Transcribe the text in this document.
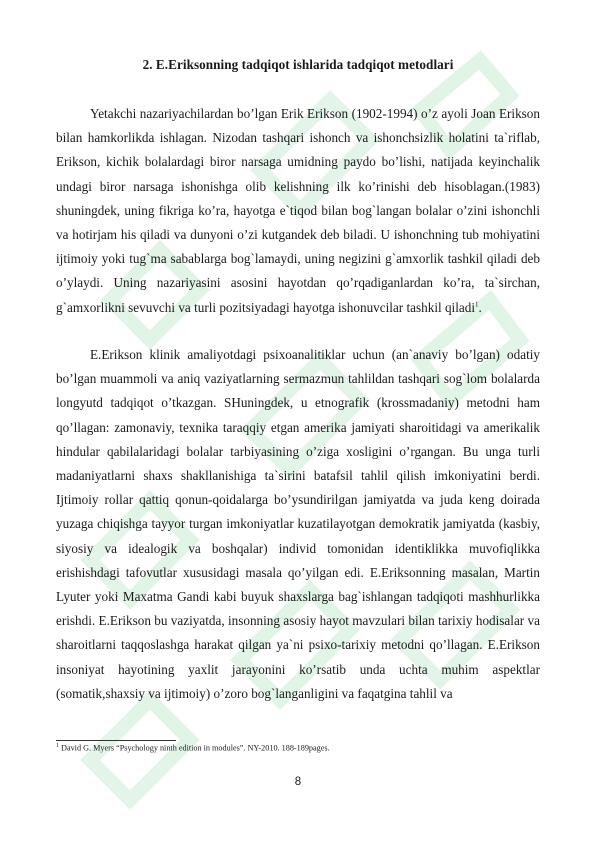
2. E.Eriksonning tadqiqot ishlarida tadqiqot metodlari

Yetakchi nazariyachilardan bo’lgan Erik Erikson (1902-1994) o’z ayoli Joan Erikson bilan hamkorlikda ishlagan. Nizodan tashqari ishonch va ishonchsizlik holatini ta`riflab, Erikson, kichik bolalardagi biror narsaga umidning paydo bo’lishi, natijada keyinchalik undagi biror narsaga ishonishga olib kelishning ilk ko’rinishi deb hisoblagan.(1983) shuningdek, uning fikriga ko’ra, hayotga e`tiqod bilan bog`langan bolalar o’zini ishonchli va hotirjam his qiladi va dunyoni o’zi kutgandek deb biladi. U ishonchning tub mohiyatini ijtimoiy yoki tug`ma sabablarga bog`lamaydi, uning negizini g`amxorlik tashkil qiladi deb o’ylaydi. Uning nazariyasini asosini hayotdan qo’rqadiganlardan ko’ra, ta`sirchan, g`amxorlikni sevuvchi va turli pozitsiyadagi hayotga ishonuvcilar tashkil qiladi$^1$.

E.Erikson klinik amaliyotdagi psixoanalitiklar uchun (an`anaviy bo’lgan) odatiy bo’lgan muammoli va aniq vaziyatlarning sermazmun tahlildan tashqari sog`lom bolalarda longyutd tadqiqot o’tkazgan. SHuningdek, u etnografik (krossmadaniy) metodni ham qo’llagan: zamonaviy, texnika taraqqiy etgan amerika jamiyati sharoitidagi va amerikalik hindular qabilalaridagi bolalar tarbiyasining o’ziga xosligini o’rgangan. Bu unga turli madaniyatlarni shaxs shakllanishiga ta`sirini batafsil tahlil qilish imkoniyatini berdi. Ijtimoiy rollar qattiq qonun-qoidalarga bo’ysundirilgan jamiyatda va juda keng doirada yuzaga chiqishga tayyor turgan imkoniyatlar kuzatilayotgan demokratik jamiyatda (kasbiy, siyosiy va idealogik va boshqalar) individ tomonidan identiklikka muvofiqlikka erishishdagi tafovutlar xususidagi masala qo’yilgan edi. E.Eriksonning masalan, Martin Lyuter yoki Maxatma Gandi kabi buyuk shaxslarga bag`ishlangan tadqiqoti mashhurlikka erishdi. E.Erikson bu vaziyatda, insonning asosiy hayot mavzulari bilan tarixiy hodisalar va sharoitlarni taqqoslashga harakat qilgan ya`ni psixo-tarixiy metodni qo’llagan. E.Erikson insoniyat hayotining yaxlit jarayonini ko’rsatib unda uchta muhim aspektlar (somatik,shaxsiy va ijtimoiy) o’zoro bog`langanligini va faqatgina tahlil va

$^1$ David G. Myers “Psychology ninth edition in modules”. NY-2010. 188-189pages.
8
